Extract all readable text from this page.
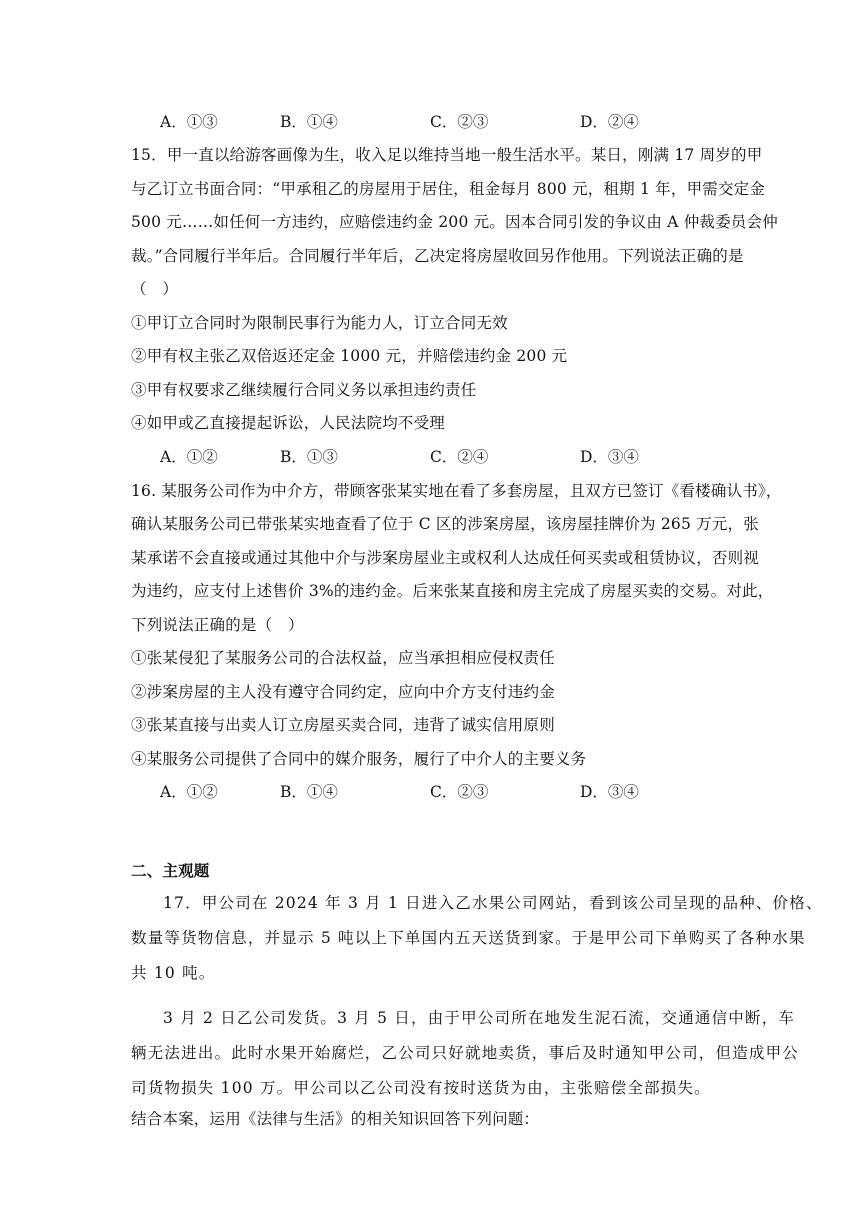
A．①③	B．①④	C．②③	D．②④
15．甲一直以给游客画像为生，收入足以维持当地一般生活水平。某日，刚满 17 周岁的甲
与乙订立书面合同：“甲承租乙的房屋用于居住，租金每月 800 元，租期 1 年，甲需交定金
500 元……如任何一方违约，应赔偿违约金 200 元。因本合同引发的争议由 A 仲裁委员会仲
裁。”合同履行半年后。合同履行半年后，乙决定将房屋收回另作他用。下列说法正确的是
（　）
①甲订立合同时为限制民事行为能力人，订立合同无效
②甲有权主张乙双倍返还定金 1000 元，并赔偿违约金 200 元
③甲有权要求乙继续履行合同义务以承担违约责任
④如甲或乙直接提起诉讼，人民法院均不受理
A．①②	B．①③	C．②④	D．③④
16. 某服务公司作为中介方，带顾客张某实地在看了多套房屋，且双方已签订《看楼确认书》，
确认某服务公司已带张某实地查看了位于 C 区的涉案房屋，该房屋挂牌价为 265 万元，张
某承诺不会直接或通过其他中介与涉案房屋业主或权利人达成任何买卖或租赁协议，否则视
为违约，应支付上述售价 3%的违约金。后来张某直接和房主完成了房屋买卖的交易。对此，
下列说法正确的是（　）
①张某侵犯了某服务公司的合法权益，应当承担相应侵权责任
②涉案房屋的主人没有遵守合同约定，应向中介方支付违约金
③张某直接与出卖人订立房屋买卖合同，违背了诚实信用原则
④某服务公司提供了合同中的媒介服务，履行了中介人的主要义务
A．①②	B．①④	C．②③	D．③④
二、主观题
17．甲公司在 2024 年 3 月 1 日进入乙水果公司网站，看到该公司呈现的品种、价格、
数量等货物信息，并显示 5 吨以上下单国内五天送货到家。于是甲公司下单购买了各种水果
共 10 吨。
3 月 2 日乙公司发货。3 月 5 日，由于甲公司所在地发生泥石流，交通通信中断，车
辆无法进出。此时水果开始腐烂，乙公司只好就地卖货，事后及时通知甲公司，但造成甲公
司货物损失 100 万。甲公司以乙公司没有按时送货为由，主张赔偿全部损失。
结合本案，运用《法律与生活》的相关知识回答下列问题：
